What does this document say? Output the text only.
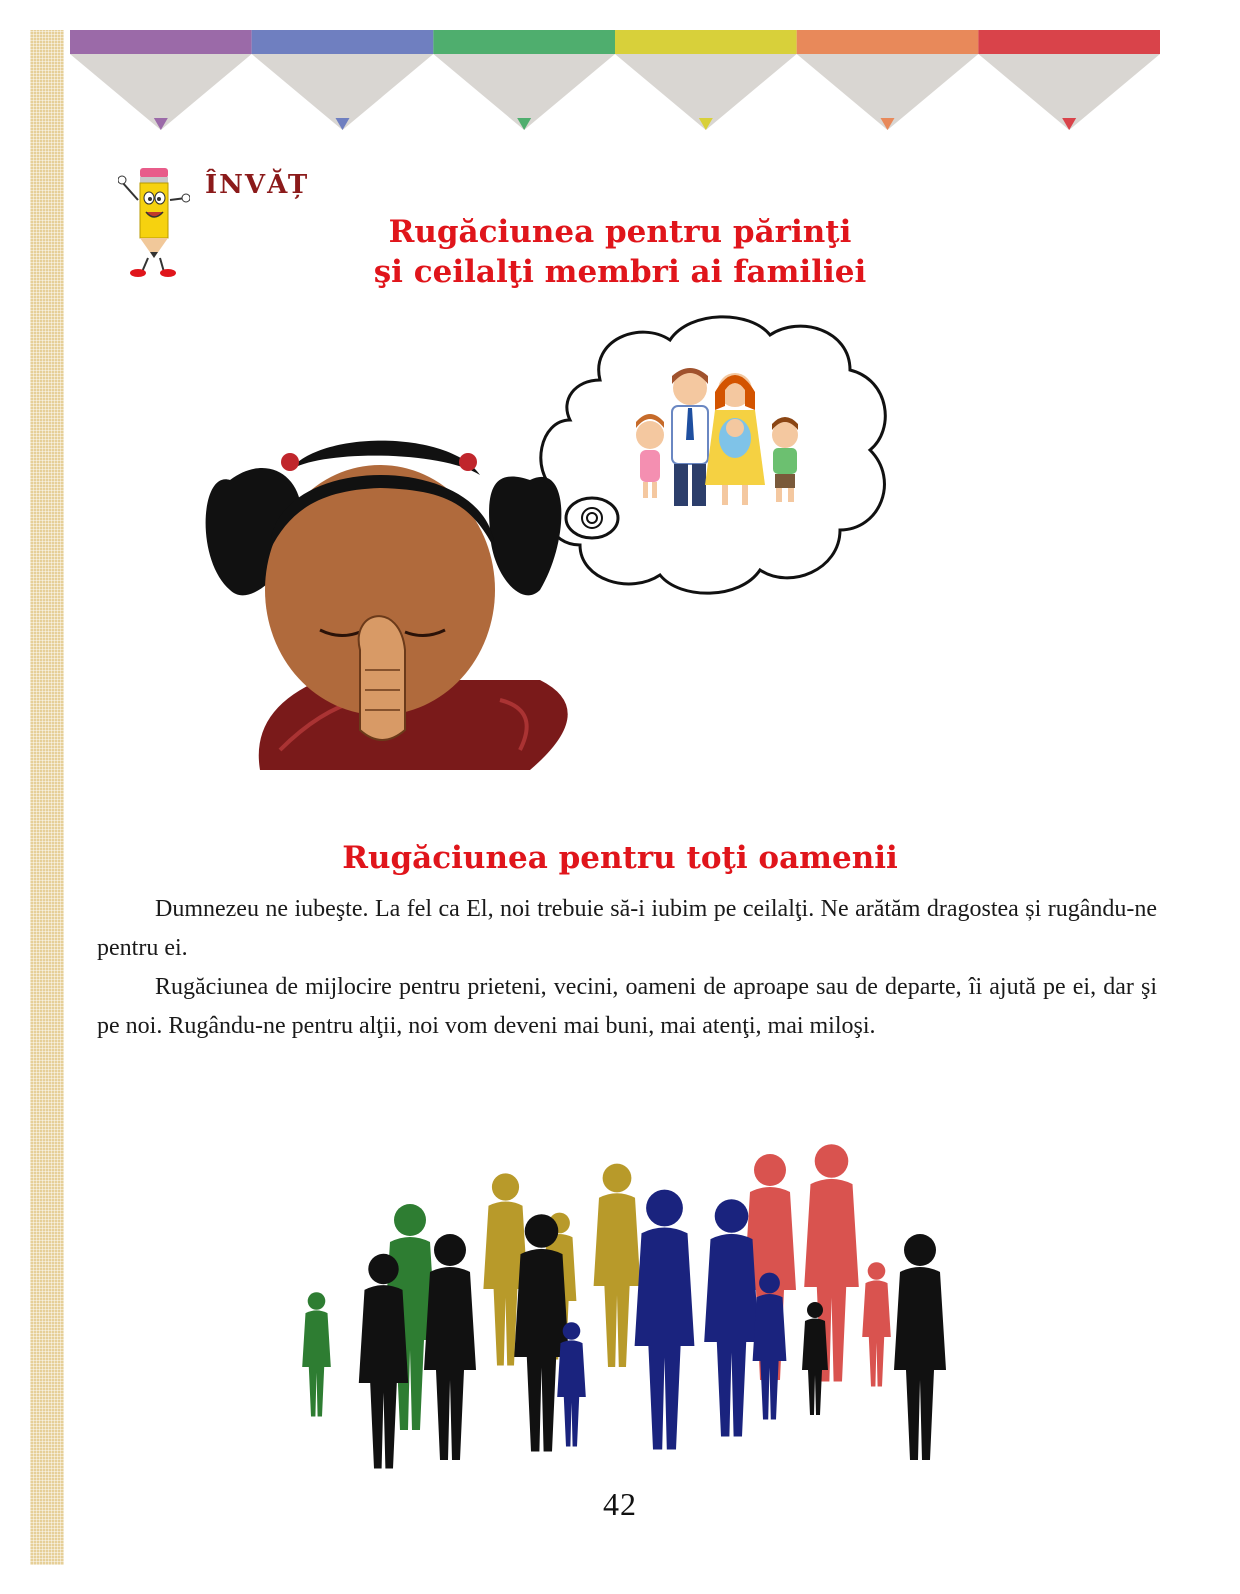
ÎNVĂȚ
Rugăciunea pentru părinţi
şi ceilalţi membri ai familiei
Rugăciunea pentru toţi oamenii

Dumnezeu ne iubeşte. La fel ca El, noi trebuie să-i iubim pe ceilalţi. Ne arătăm dragostea și rugându-ne pentru ei.

Rugăciunea de mijlocire pentru prieteni, vecini, oameni de aproape sau de departe, îi ajută pe ei, dar şi pe noi. Rugându-ne pentru alţii, noi vom deveni mai buni, mai atenţi, mai miloşi.

42
